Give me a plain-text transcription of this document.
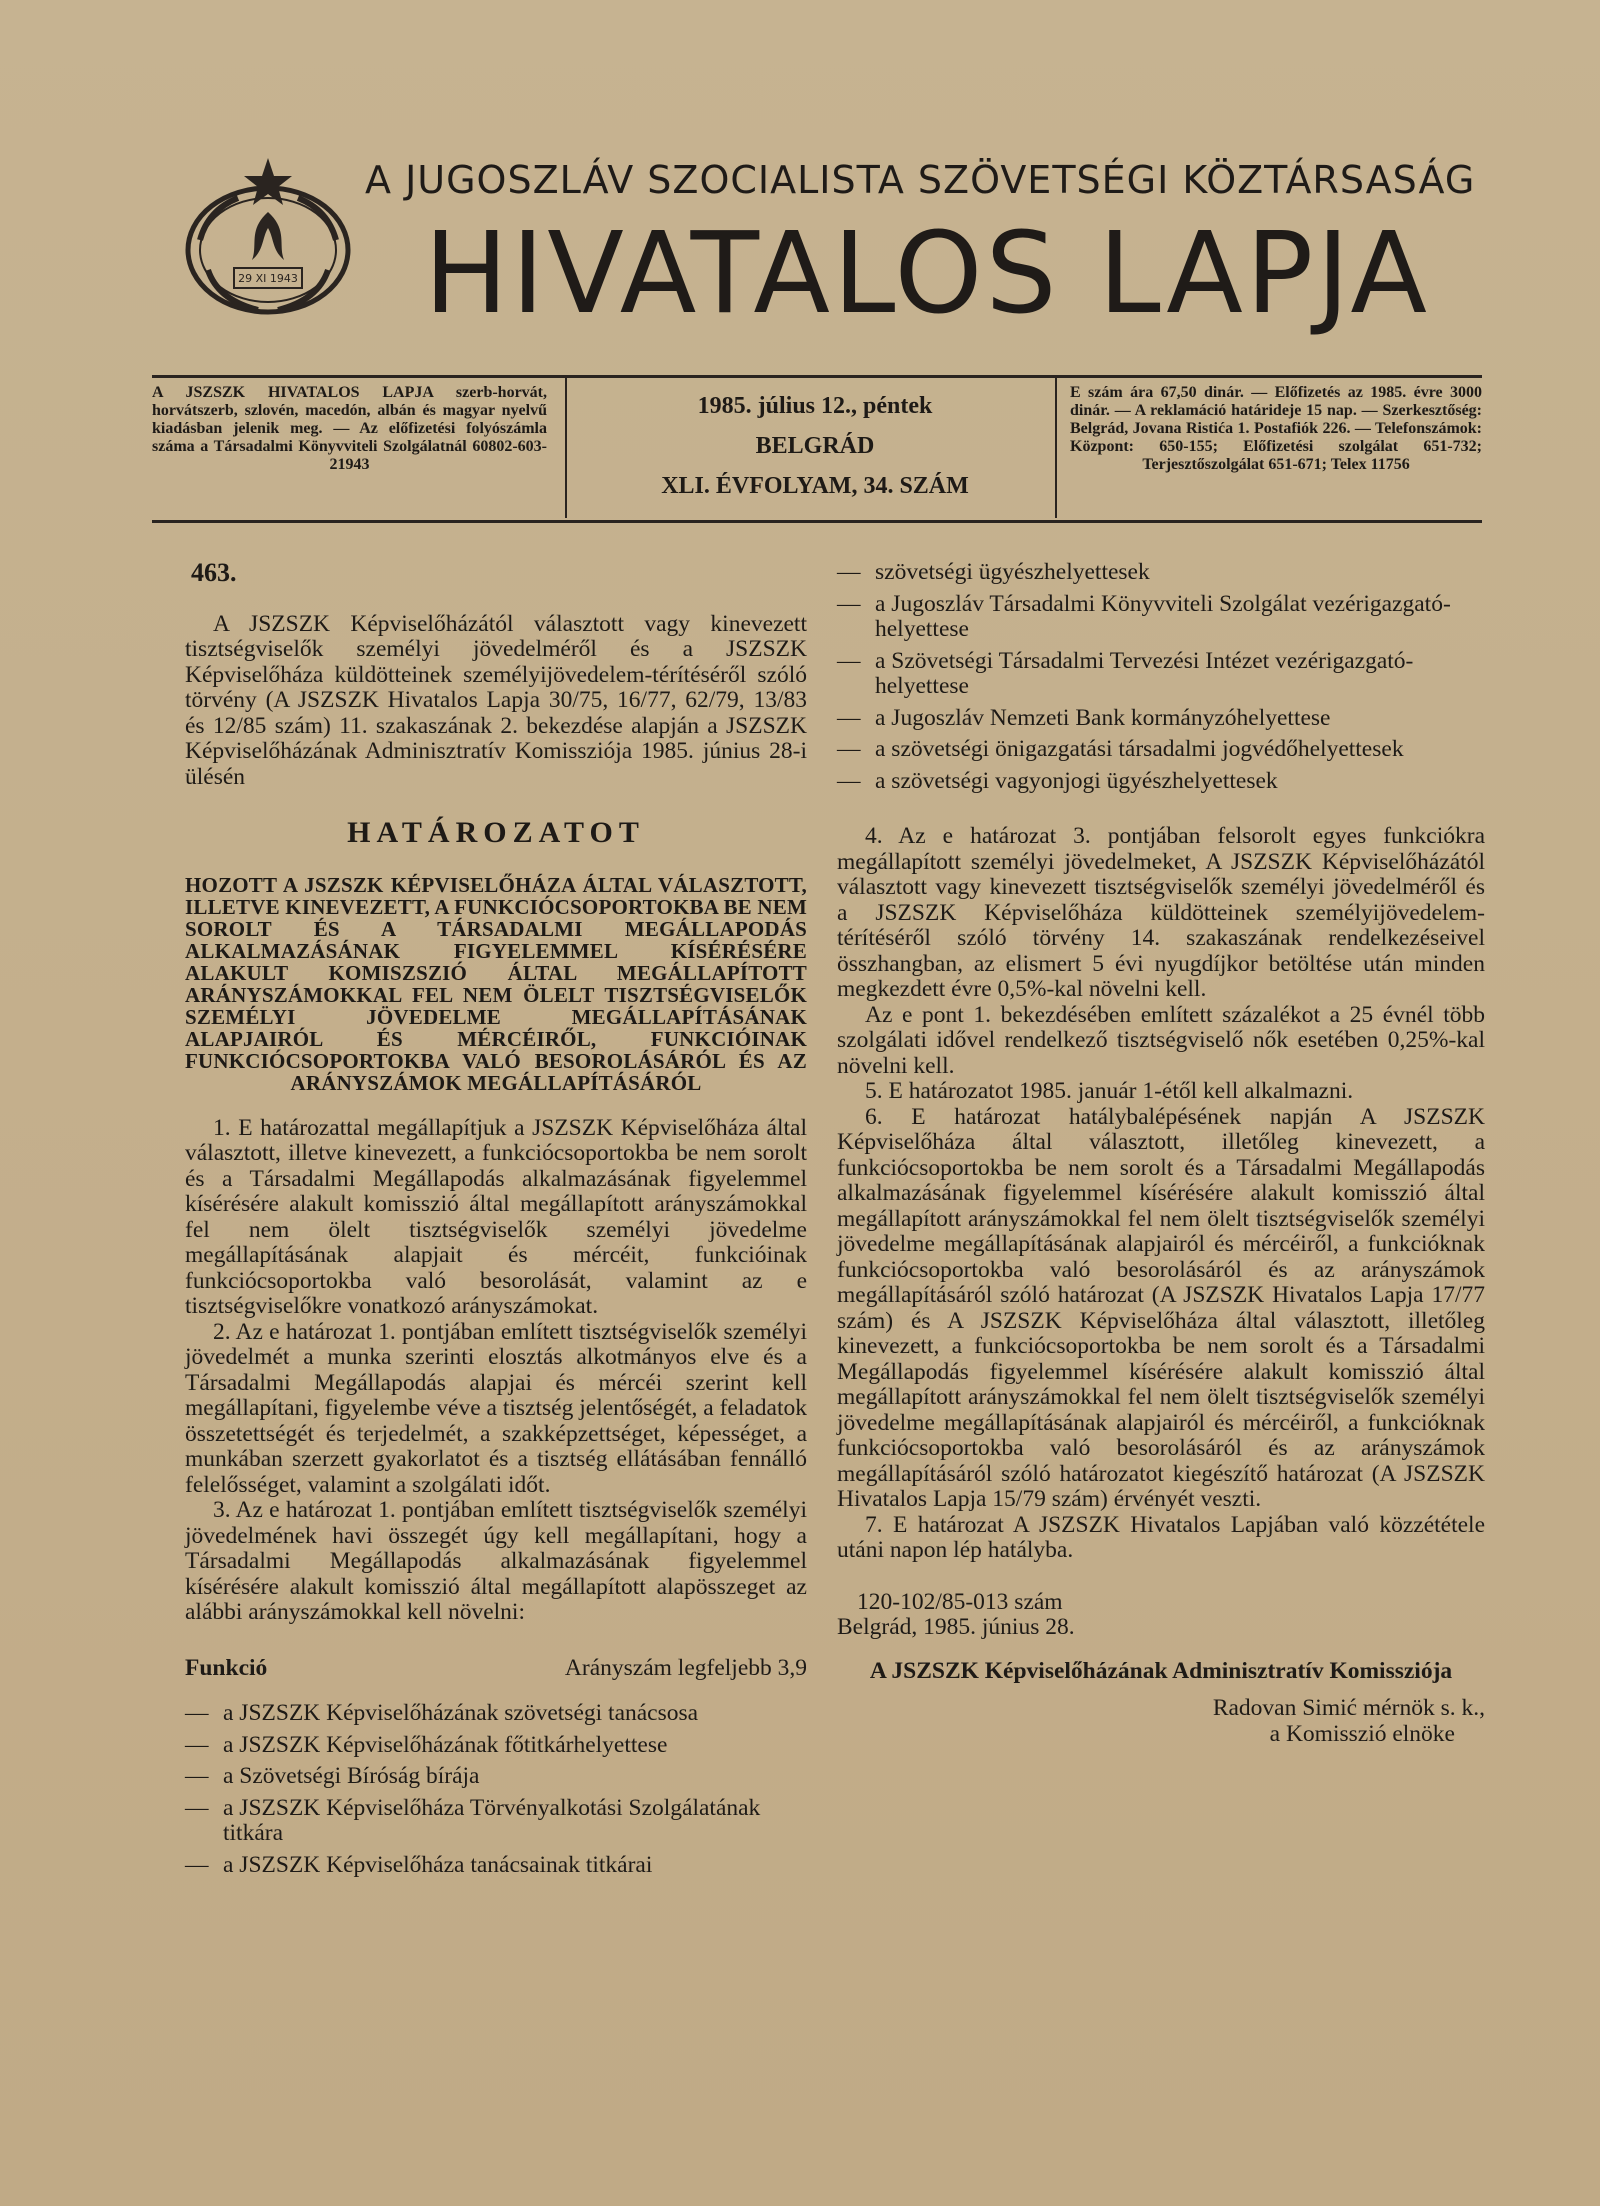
29 XI 1943
A JUGOSZLÁV SZOCIALISTA SZÖVETSÉGI KÖZTÁRSASÁG
HIVATALOS LAPJA
A JSZSZK HIVATALOS LAPJA szerb-horvát, horvátszerb, szlovén, macedón, albán és magyar nyelvű kiadásban jelenik meg. — Az előfizetési folyószámla száma a Társadalmi Könyvviteli Szolgálatnál 60802-603-21943
1985. július 12., péntek
BELGRÁD
XLI. ÉVFOLYAM, 34. SZÁM
E szám ára 67,50 dinár. — Előfizetés az 1985. évre 3000 dinár. — A reklamáció határideje 15 nap. — Szerkesztőség: Belgrád, Jovana Ristića 1. Postafiók 226. — Telefonszámok: Központ: 650-155; Előfizetési szolgálat 651-732; Terjesztőszolgálat 651-671; Telex 11756
463.

A JSZSZK Képviselőházától választott vagy kinevezett tisztségviselők személyi jövedelméről és a JSZSZK Képviselőháza küldötteinek személyijövedelem-térítéséről szóló törvény (A JSZSZK Hivatalos Lapja 30/75, 16/77, 62/79, 13/83 és 12/85 szám) 11. szakaszának 2. bekezdése alapján a JSZSZK Képviselőházának Adminisztratív Komissziója 1985. június 28-i ülésén

HATÁROZATOT
HOZOTT A JSZSZK KÉPVISELŐHÁZA ÁLTAL VÁLASZTOTT, ILLETVE KINEVEZETT, A FUNKCIÓCSOPORTOKBA BE NEM SOROLT ÉS A TÁRSADALMI MEGÁLLAPODÁS ALKALMAZÁSÁNAK FIGYELEMMEL KÍSÉRÉSÉRE ALAKULT KOMISZSZIÓ ÁLTAL MEGÁLLAPÍTOTT ARÁNYSZÁMOKKAL FEL NEM ÖLELT TISZTSÉGVISELŐK SZEMÉLYI JÖVEDELME MEGÁLLAPÍTÁSÁNAK ALAPJAIRÓL ÉS MÉRCÉIRŐL, FUNKCIÓINAK FUNKCIÓCSOPORTOKBA VALÓ BESOROLÁSÁRÓL ÉS AZ ARÁNYSZÁMOK MEGÁLLAPÍTÁSÁRÓL

1. E határozattal megállapítjuk a JSZSZK Képviselőháza által választott, illetve kinevezett, a funkciócsoportokba be nem sorolt és a Társadalmi Megállapodás alkalmazásának figyelemmel kísérésére alakult komisszió által megállapított arányszámokkal fel nem ölelt tisztségviselők személyi jövedelme megállapításának alapjait és mércéit, funkcióinak funkciócsoportokba való besorolását, valamint az e tisztségviselőkre vonatkozó arányszámokat.

2. Az e határozat 1. pontjában említett tisztségviselők személyi jövedelmét a munka szerinti elosztás alkotmányos elve és a Társadalmi Megállapodás alapjai és mércéi szerint kell megállapítani, figyelembe véve a tisztség jelentőségét, a feladatok összetettségét és terjedelmét, a szakképzettséget, képességet, a munkában szerzett gyakorlatot és a tisztség ellátásában fennálló felelősséget, valamint a szolgálati időt.

3. Az e határozat 1. pontjában említett tisztségviselők személyi jövedelmének havi összegét úgy kell megállapítani, hogy a Társadalmi Megállapodás alkalmazásának figyelemmel kísérésére alakult komisszió által megállapított alapösszeget az alábbi arányszámokkal kell növelni:

Funkció	Arányszám legfeljebb 3,9
— a JSZSZK Képviselőházának szövetségi tanácsosa
— a JSZSZK Képviselőházának főtitkárhelyettese
— a Szövetségi Bíróság bírája
— a JSZSZK Képviselőháza Törvényalkotási Szolgálatának titkára
— a JSZSZK Képviselőháza tanácsainak titkárai
— szövetségi ügyészhelyettesek
— a Jugoszláv Társadalmi Könyvviteli Szolgálat vezérigazgató-helyettese
— a Szövetségi Társadalmi Tervezési Intézet vezérigazgató-helyettese
— a Jugoszláv Nemzeti Bank kormányzóhelyettese
— a szövetségi önigazgatási társadalmi jogvédőhelyettesek
— a szövetségi vagyonjogi ügyészhelyettesek

4. Az e határozat 3. pontjában felsorolt egyes funkciókra megállapított személyi jövedelmeket, A JSZSZK Képviselőházától választott vagy kinevezett tisztségviselők személyi jövedelméről és a JSZSZK Képviselőháza küldötteinek személyijövedelem-térítéséről szóló törvény 14. szakaszának rendelkezéseivel összhangban, az elismert 5 évi nyugdíjkor betöltése után minden megkezdett évre 0,5%-kal növelni kell.

Az e pont 1. bekezdésében említett százalékot a 25 évnél több szolgálati idővel rendelkező tisztségviselő nők esetében 0,25%-kal növelni kell.

5. E határozatot 1985. január 1-étől kell alkalmazni.

6. E határozat hatálybalépésének napján A JSZSZK Képviselőháza által választott, illetőleg kinevezett, a funkciócsoportokba be nem sorolt és a Társadalmi Megállapodás alkalmazásának figyelemmel kísérésére alakult komisszió által megállapított arányszámokkal fel nem ölelt tisztségviselők személyi jövedelme megállapításának alapjairól és mércéiről, a funkcióknak funkciócsoportokba való besorolásáról és az arányszámok megállapításáról szóló határozat (A JSZSZK Hivatalos Lapja 17/77 szám) és A JSZSZK Képviselőháza által választott, illetőleg kinevezett, a funkciócsoportokba be nem sorolt és a Társadalmi Megállapodás figyelemmel kísérésére alakult komisszió által megállapított arányszámokkal fel nem ölelt tisztségviselők személyi jövedelme megállapításának alapjairól és mércéiről, a funkcióknak funkciócsoportokba való besorolásáról és az arányszámok megállapításáról szóló határozatot kiegészítő határozat (A JSZSZK Hivatalos Lapja 15/79 szám) érvényét veszti.

7. E határozat A JSZSZK Hivatalos Lapjában való közzététele utáni napon lép hatályba.

120-102/85-013 szám

Belgrád, 1985. június 28.

A JSZSZK Képviselőházának Adminisztratív Komissziója

Radovan Simić mérnök s. k.,

a Komisszió elnöke
